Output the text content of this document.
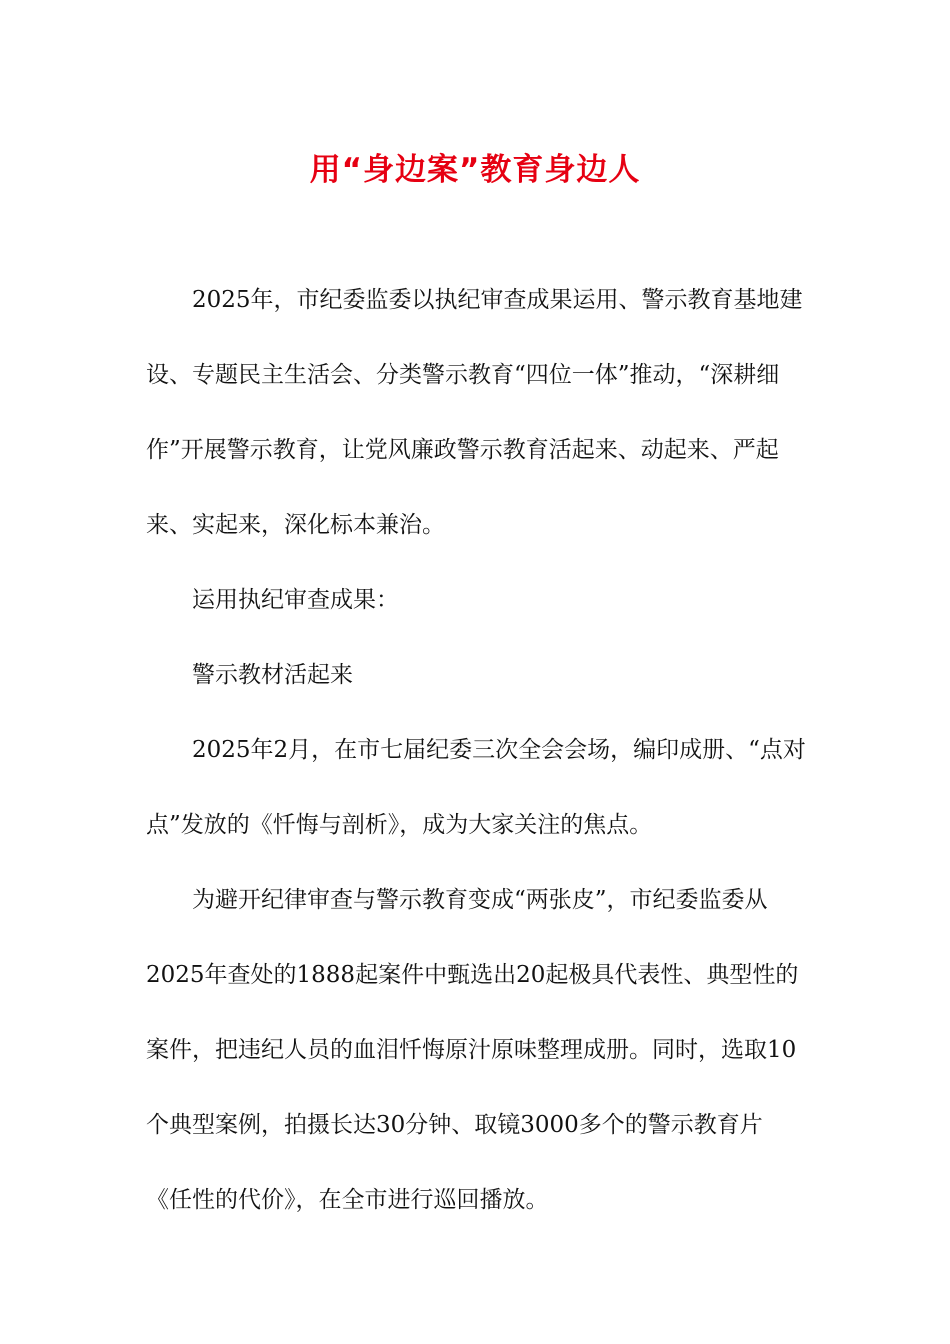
用“身边案”教育身边人

2025年，市纪委监委以执纪审查成果运用、警示教育基地建设、专题民主生活会、分类警示教育“四位一体”推动，“深耕细作”开展警示教育，让党风廉政警示教育活起来、动起来、严起来、实起来，深化标本兼治。

运用执纪审查成果：

警示教材活起来

2025年2月，在市七届纪委三次全会会场，编印成册、“点对点”发放的《忏悔与剖析》，成为大家关注的焦点。

为避开纪律审查与警示教育变成“两张皮”，市纪委监委从2025年查处的1888起案件中甄选出20起极具代表性、典型性的案件，把违纪人员的血泪忏悔原汁原味整理成册。同时，选取10个典型案例，拍摄长达30分钟、取镜3000多个的警示教育片《任性的代价》，在全市进行巡回播放。
